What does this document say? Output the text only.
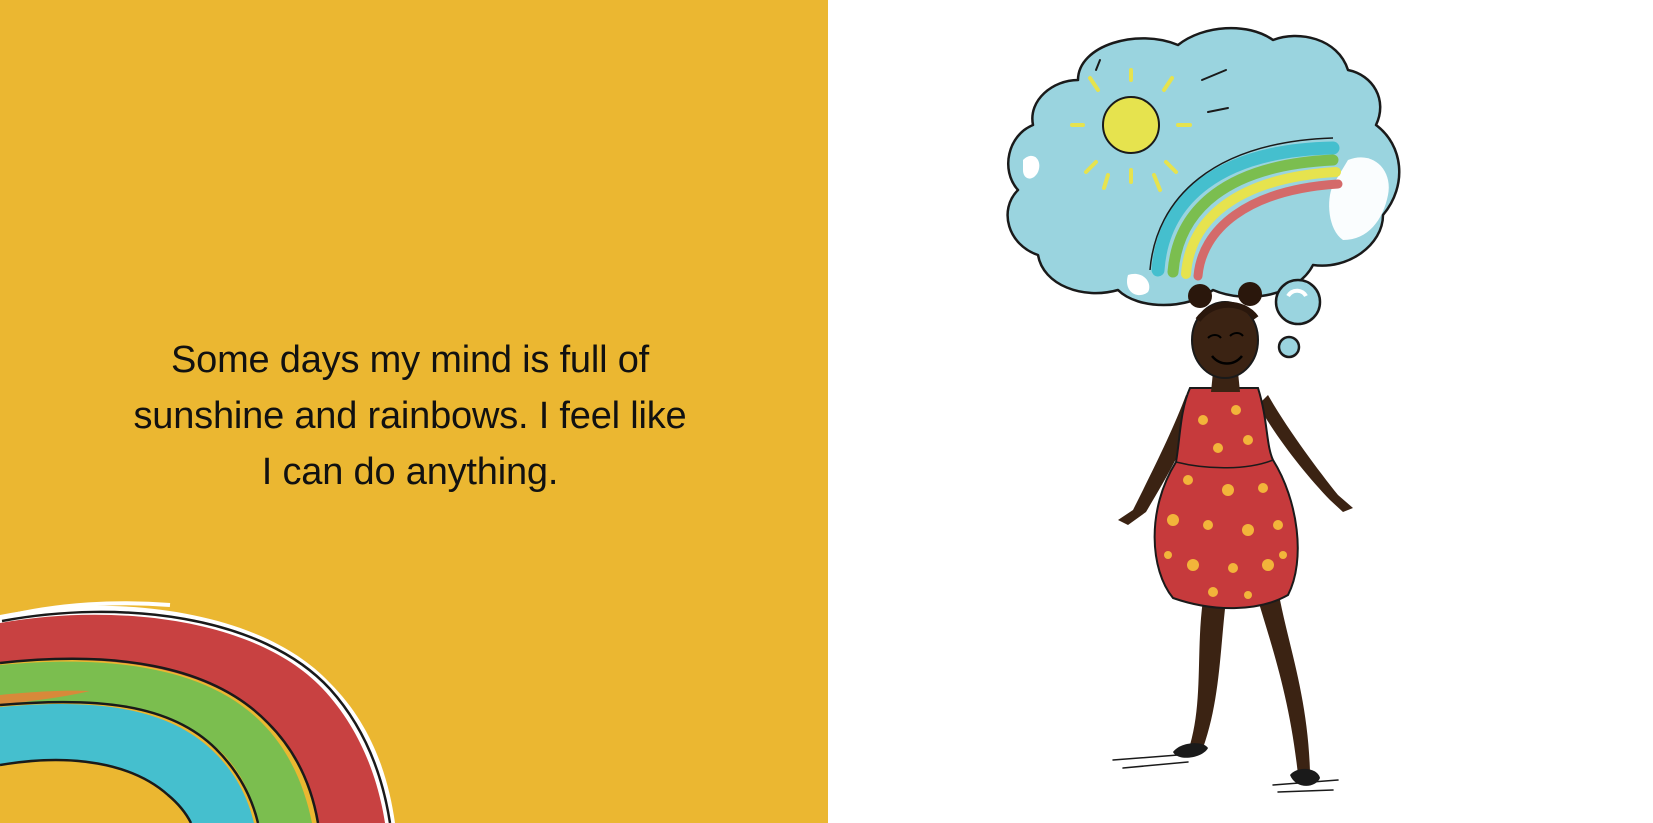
Some days my mind is full of
sunshine and rainbows. I feel like
I can do anything.
